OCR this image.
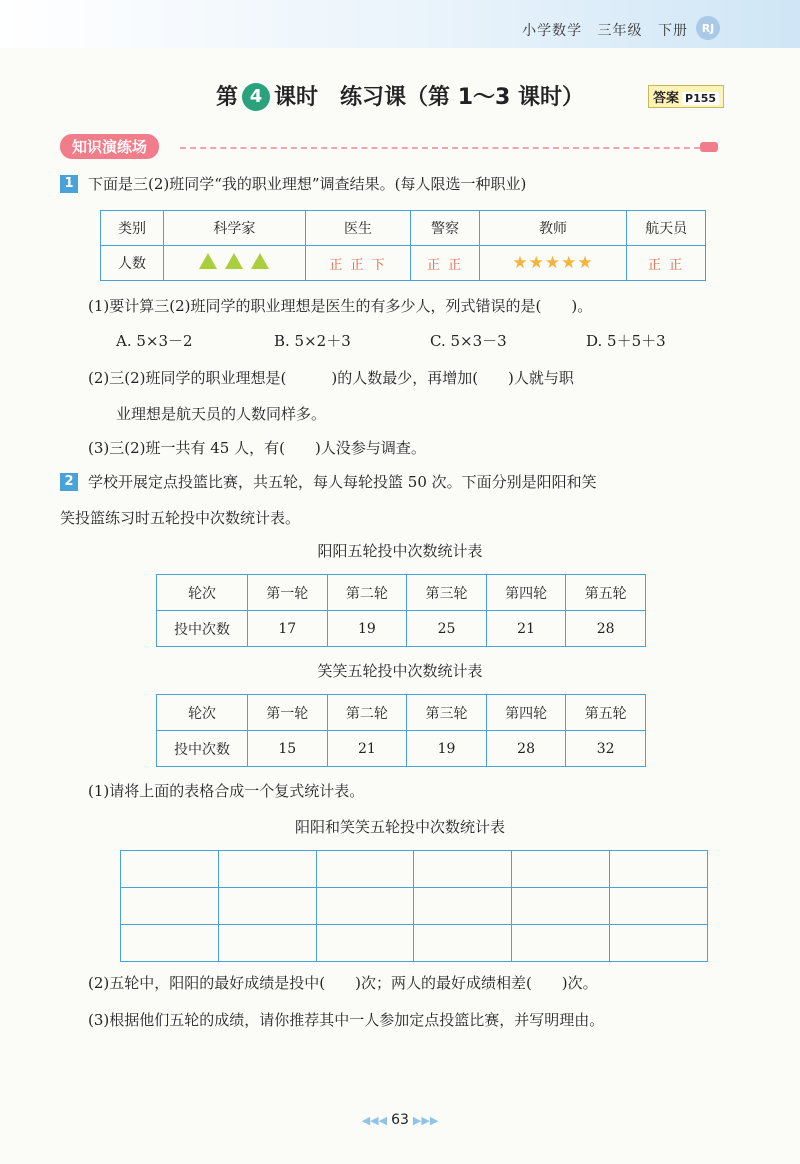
小学数学 三年级 下册	RJ
第 4 课时　练习课（第 1～3 课时）	答案 P155
知识演练场
1 下面是三(2)班同学“我的职业理想”调查结果。(每人限选一种职业)
类别	科学家	医生	警察	教师	航天员
人数		正 正 下	正 正	★★★★★	正 正
(1)要计算三(2)班同学的职业理想是医生的有多少人，列式错误的是(　　)。
A. 5×3－2	B. 5×2＋3	C. 5×3－3	D. 5＋5＋3
(2)三(2)班同学的职业理想是(　　　)的人数最少，再增加(　　)人就与职
业理想是航天员的人数同样多。
(3)三(2)班一共有 45 人，有(　　)人没参与调查。
2 学校开展定点投篮比赛，共五轮，每人每轮投篮 50 次。下面分别是阳阳和笑
笑投篮练习时五轮投中次数统计表。
阳阳五轮投中次数统计表
轮次	第一轮	第二轮	第三轮	第四轮	第五轮
投中次数	17	19	25	21	28
笑笑五轮投中次数统计表
轮次	第一轮	第二轮	第三轮	第四轮	第五轮
投中次数	15	21	19	28	32
(1)请将上面的表格合成一个复式统计表。
阳阳和笑笑五轮投中次数统计表

(2)五轮中，阳阳的最好成绩是投中(　　)次；两人的最好成绩相差(　　)次。
(3)根据他们五轮的成绩，请你推荐其中一人参加定点投篮比赛，并写明理由。
◀◀◀ 63 ▶▶▶
